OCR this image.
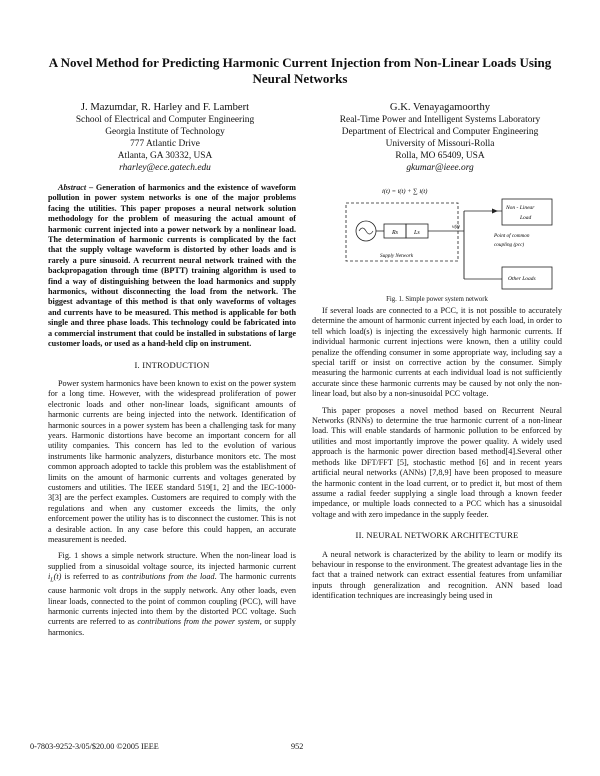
A Novel Method for Predicting Harmonic Current Injection from Non-Linear Loads Using Neural Networks
J. Mazumdar, R. Harley and F. Lambert
School of Electrical and Computer Engineering
Georgia Institute of Technology
777 Atlantic Drive
Atlanta, GA 30332, USA
rharley@ece.gatech.edu
G.K. Venayagamoorthy
Real-Time Power and Intelligent Systems Laboratory
Department of Electrical and Computer Engineering
University of Missouri-Rolla
Rolla, MO 65409, USA
gkumar@ieee.org

Abstract – Generation of harmonics and the existence of waveform pollution in power system networks is one of the major problems facing the utilities. This paper proposes a neural network solution methodology for the problem of measuring the actual amount of harmonic current injected into a power network by a nonlinear load. The determination of harmonic currents is complicated by the fact that the supply voltage waveform is distorted by other loads and is rarely a pure sinusoid. A recurrent neural network trained with the backpropagation through time (BPTT) training algorithm is used to find a way of distinguishing between the load harmonics and supply harmonics, without disconnecting the load from the network. The biggest advantage of this method is that only waveforms of voltages and currents have to be measured. This method is applicable for both single and three phase loads. This technology could be fabricated into a commercial instrument that could be installed in substations of large customer loads, or used as a hand-held clip on instrument.

I. INTRODUCTION

Power system harmonics have been known to exist on the power system for a long time. However, with the widespread proliferation of power electronic loads and other non-linear loads, significant amounts of harmonic currents are being injected into the network. Identification of harmonic sources in a power system has been a challenging task for many years. Harmonic distortions have become an important concern for all utility companies. This concern has led to the evolution of various instruments like harmonic analyzers, disturbance monitors etc. The most common approach adopted to tackle this problem was the establishment of limits on the amount of harmonic currents and voltages generated by customers and utilities. The IEEE standard 519[1, 2] and the IEC-1000-3[3] are the perfect examples. Customers are required to comply with the regulations and when any customer exceeds the limits, the only enforcement power the utility has is to disconnect the customer. This is not a desirable action. In any case before this could happen, an accurate measurement is needed.

Fig. 1 shows a simple network structure. When the non-linear load is supplied from a sinusoidal voltage source, its injected harmonic current $i_L(t)$ is referred to as contributions from the load. The harmonic currents cause harmonic volt drops in the supply network. Any other loads, even linear loads, connected to the point of common coupling (PCC), will have harmonic currents injected into them by the distorted PCC voltage. Such currents are referred to as contributions from the power system, or supply harmonics.

i(t) = i(t) + ∑ i(t)
Rs	Ls
Supply Network
v(t)
Non - Linear
Load
Point of common
coupling (pcc)
Other Loads
Fig. 1. Simple power system network

If several loads are connected to a PCC, it is not possible to accurately determine the amount of harmonic current injected by each load, in order to tell which load(s) is injecting the excessively high harmonic currents. If individual harmonic current injections were known, then a utility could penalize the offending consumer in some appropriate way, including say a special tariff or insist on corrective action by the consumer. Simply measuring the harmonic currents at each individual load is not sufficiently accurate since these harmonic currents may be caused by not only the non-linear load, but also by a non-sinusoidal PCC voltage.

This paper proposes a novel method based on Recurrent Neural Networks (RNNs) to determine the true harmonic current of a non-linear load. This will enable standards of harmonic pollution to be enforced by utilities and most importantly improve the power quality. A widely used approach is the harmonic power direction based method[4].Several other methods like DFT/FFT [5], stochastic method [6] and in recent years artificial neural networks (ANNs) [7,8,9] have been proposed to measure the harmonic content in the load current, or to predict it, but most of them assume a radial feeder supplying a single load through a known feeder impedance, or multiple loads connected to a PCC which has a sinusoidal voltage and with zero impedance in the supply feeder.

II. NEURAL NETWORK ARCHITECTURE

A neural network is characterized by the ability to learn or modify its behaviour in response to the environment. The greatest advantage lies in the fact that a trained network can extract essential features from unfamiliar inputs through generalization and recognition. ANN based load identification techniques are increasingly being used in

0-7803-9252-3/05/$20.00 ©2005 IEEE	952
